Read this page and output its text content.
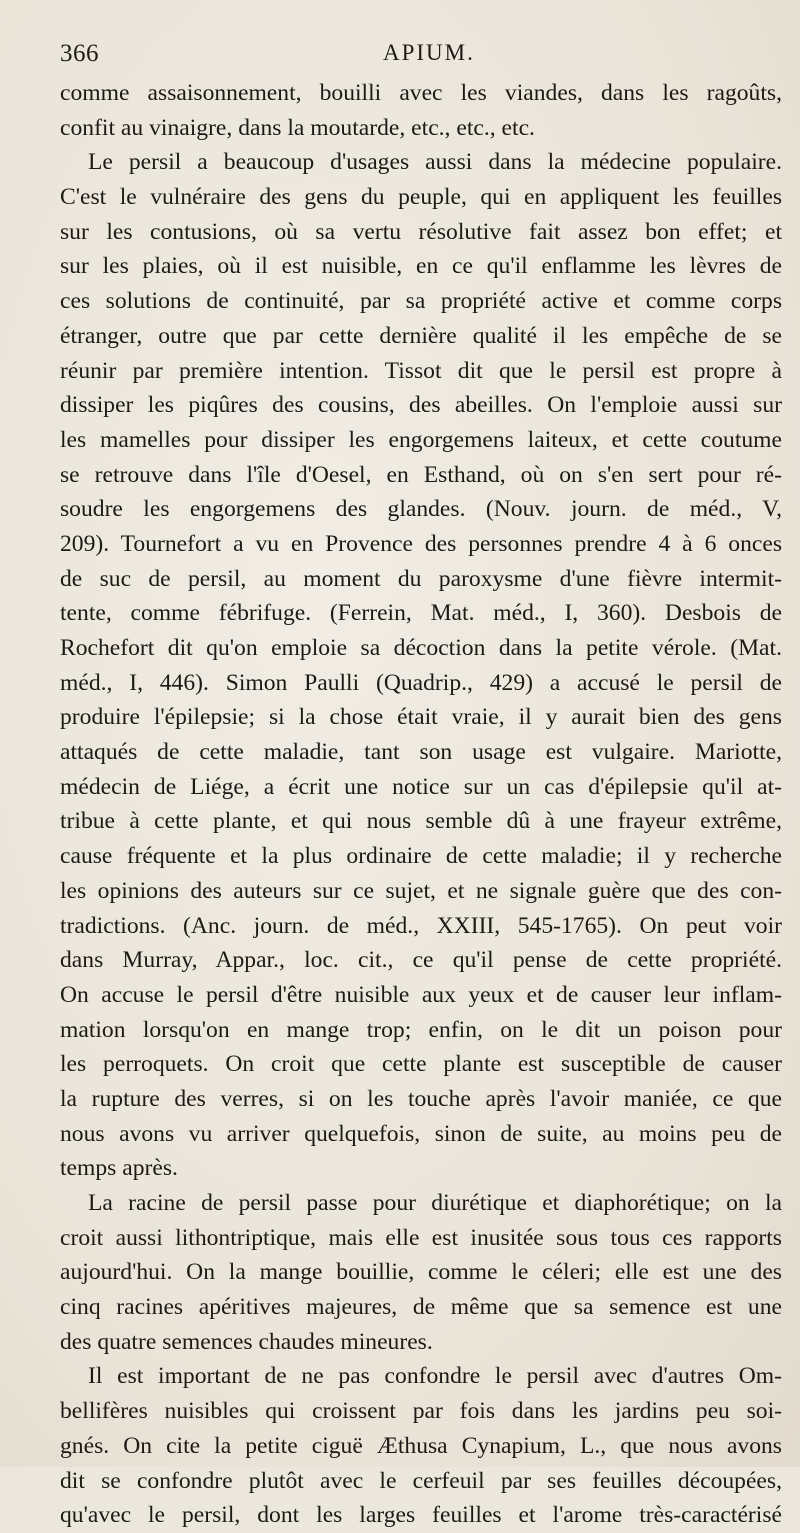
366	APIUM.
comme assaisonnement, bouilli avec les viandes, dans les ragoûts,
confit au vinaigre, dans la moutarde, etc., etc., etc.
Le persil a beaucoup d'usages aussi dans la médecine populaire.
C'est le vulnéraire des gens du peuple, qui en appliquent les feuilles
sur les contusions, où sa vertu résolutive fait assez bon effet; et
sur les plaies, où il est nuisible, en ce qu'il enflamme les lèvres de
ces solutions de continuité, par sa propriété active et comme corps
étranger, outre que par cette dernière qualité il les empêche de se
réunir par première intention. Tissot dit que le persil est propre à
dissiper les piqûres des cousins, des abeilles. On l'emploie aussi sur
les mamelles pour dissiper les engorgemens laiteux, et cette coutume
se retrouve dans l'île d'Oesel, en Esthand, où on s'en sert pour ré-
soudre les engorgemens des glandes. (Nouv. journ. de méd., V,
209). Tournefort a vu en Provence des personnes prendre 4 à 6 onces
de suc de persil, au moment du paroxysme d'une fièvre intermit-
tente, comme fébrifuge. (Ferrein, Mat. méd., I, 360). Desbois de
Rochefort dit qu'on emploie sa décoction dans la petite vérole. (Mat.
méd., I, 446). Simon Paulli (Quadrip., 429) a accusé le persil de
produire l'épilepsie; si la chose était vraie, il y aurait bien des gens
attaqués de cette maladie, tant son usage est vulgaire. Mariotte,
médecin de Liége, a écrit une notice sur un cas d'épilepsie qu'il at-
tribue à cette plante, et qui nous semble dû à une frayeur extrême,
cause fréquente et la plus ordinaire de cette maladie; il y recherche
les opinions des auteurs sur ce sujet, et ne signale guère que des con-
tradictions. (Anc. journ. de méd., XXIII, 545-1765). On peut voir
dans Murray, Appar., loc. cit., ce qu'il pense de cette propriété.
On accuse le persil d'être nuisible aux yeux et de causer leur inflam-
mation lorsqu'on en mange trop; enfin, on le dit un poison pour
les perroquets. On croit que cette plante est susceptible de causer
la rupture des verres, si on les touche après l'avoir maniée, ce que
nous avons vu arriver quelquefois, sinon de suite, au moins peu de
temps après.
La racine de persil passe pour diurétique et diaphorétique; on la
croit aussi lithontriptique, mais elle est inusitée sous tous ces rapports
aujourd'hui. On la mange bouillie, comme le céleri; elle est une des
cinq racines apéritives majeures, de même que sa semence est une
des quatre semences chaudes mineures.
Il est important de ne pas confondre le persil avec d'autres Om-
bellifères nuisibles qui croissent par fois dans les jardins peu soi-
gnés. On cite la petite ciguë Æthusa Cynapium, L., que nous avons
dit se confondre plutôt avec le cerfeuil par ses feuilles découpées,
qu'avec le persil, dont les larges feuilles et l'arome très-caractérisé
